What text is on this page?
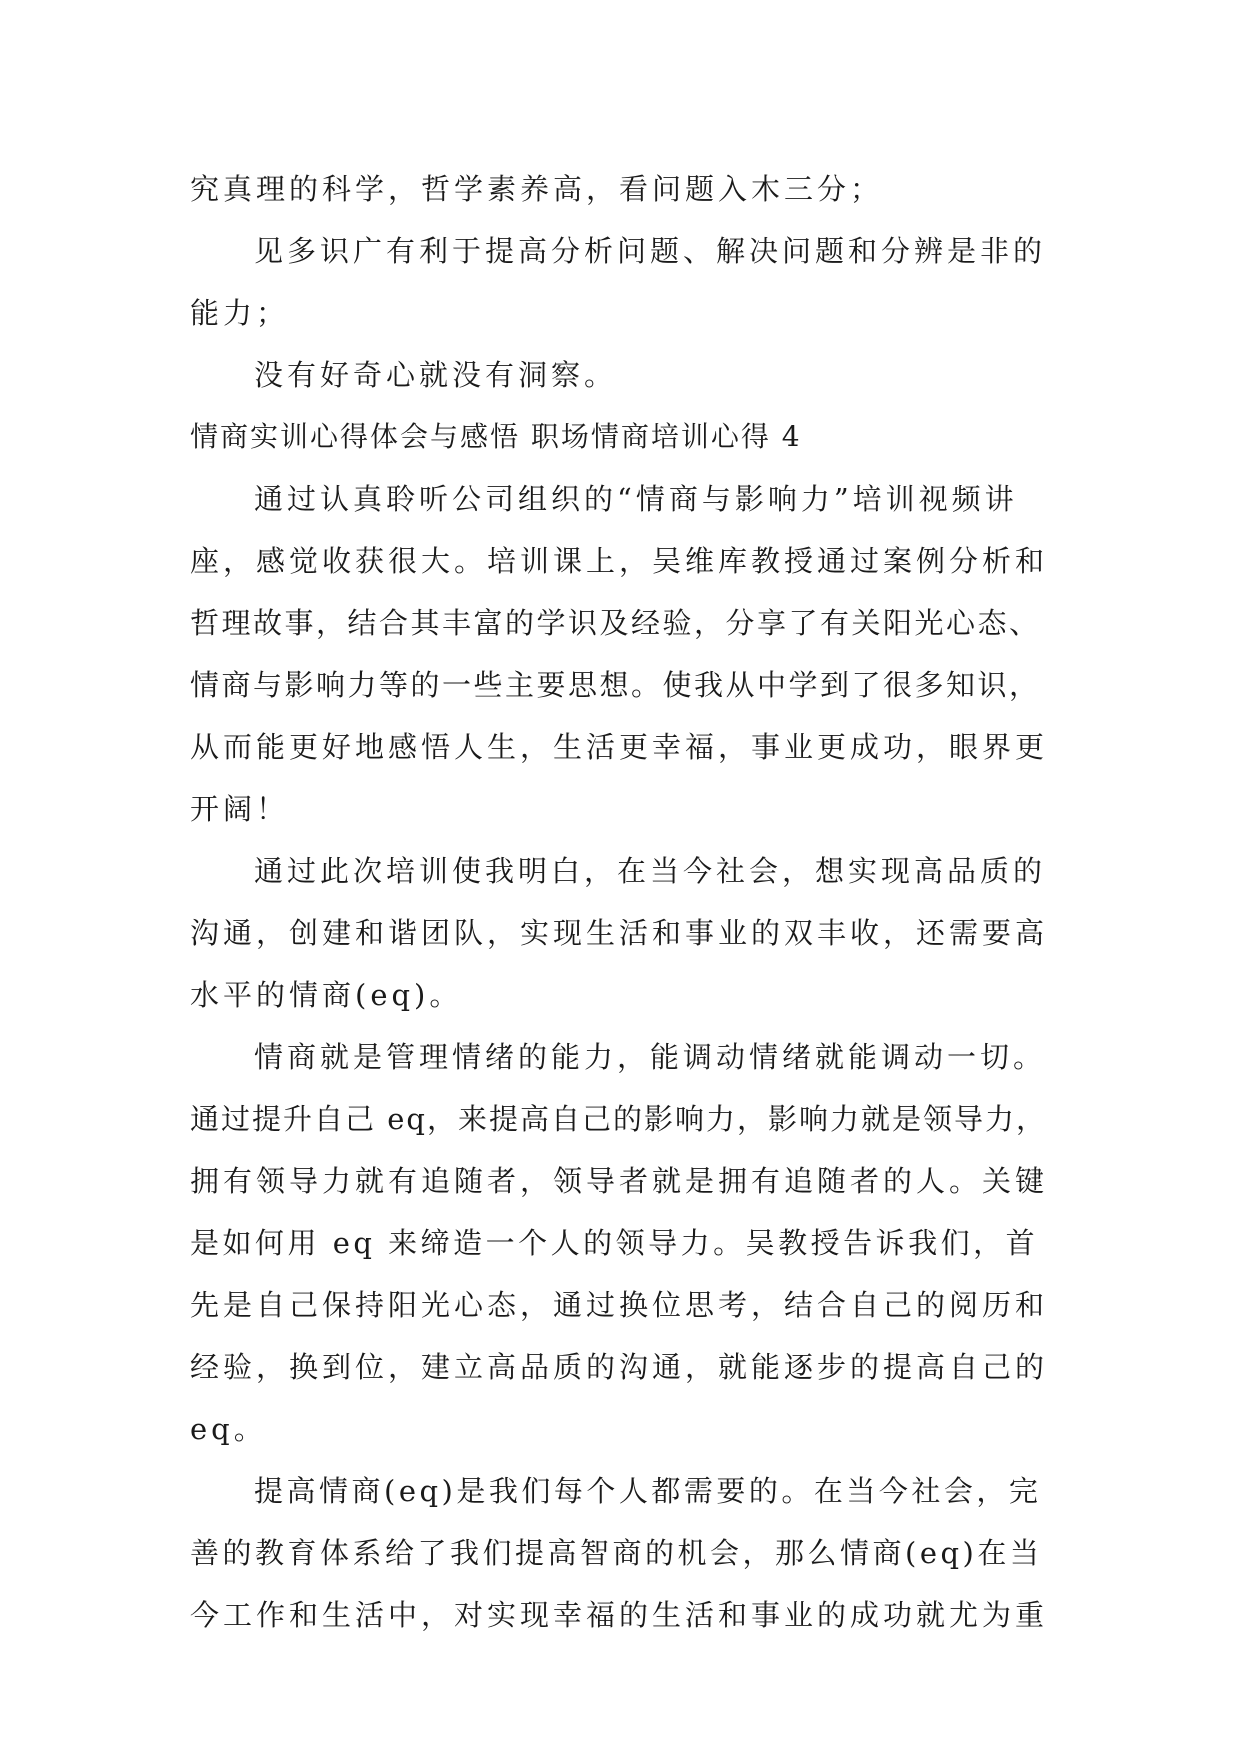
究真理的科学，哲学素养高，看问题入木三分；
见多识广有利于提高分析问题、解决问题和分辨是非的
能力；
没有好奇心就没有洞察。
情商实训心得体会与感悟 职场情商培训心得 4
通过认真聆听公司组织的“情商与影响力”培训视频讲
座，感觉收获很大。培训课上，吴维库教授通过案例分析和
哲理故事，结合其丰富的学识及经验，分享了有关阳光心态、
情商与影响力等的一些主要思想。使我从中学到了很多知识，
从而能更好地感悟人生，生活更幸福，事业更成功，眼界更
开阔！
通过此次培训使我明白，在当今社会，想实现高品质的
沟通，创建和谐团队，实现生活和事业的双丰收，还需要高
水平的情商(eq)。
情商就是管理情绪的能力，能调动情绪就能调动一切。
通过提升自己 eq，来提高自己的影响力，影响力就是领导力，
拥有领导力就有追随者，领导者就是拥有追随者的人。关键
是如何用 eq 来缔造一个人的领导力。吴教授告诉我们，首
先是自己保持阳光心态，通过换位思考，结合自己的阅历和
经验，换到位，建立高品质的沟通，就能逐步的提高自己的
eq。
提高情商(eq)是我们每个人都需要的。在当今社会，完
善的教育体系给了我们提高智商的机会，那么情商(eq)在当
今工作和生活中，对实现幸福的生活和事业的成功就尤为重
